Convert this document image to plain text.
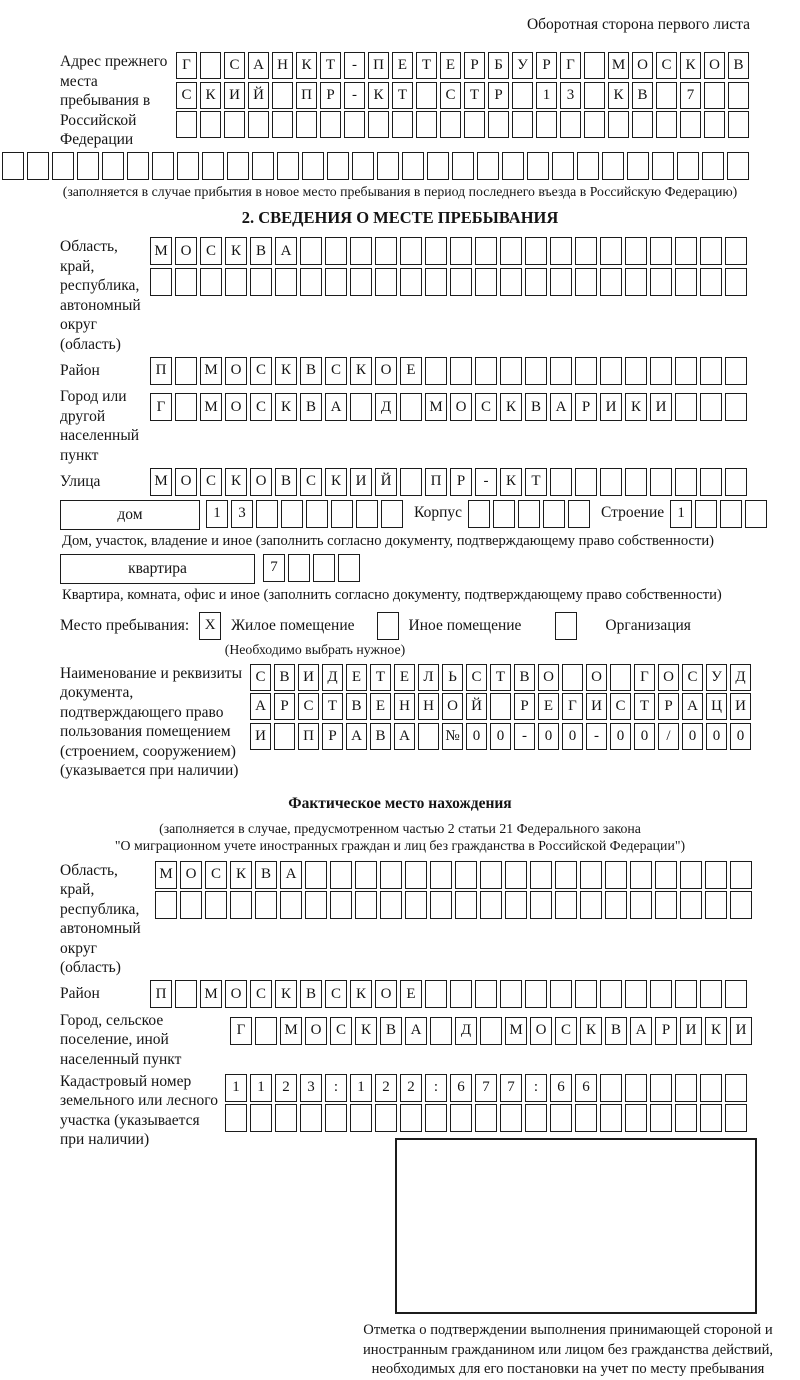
Оборотная сторона первого листа
Адрес прежнего места пребывания в Российской Федерации
Г	С А Н К Т	-	П Е Т Е	Р	Б У Р	Г	М О С К О В
С К И Й	П Р	-	К Т	С Т	Р	1	3	К В	7
(заполняется в случае прибытия в новое место пребывания в период последнего въезда в Российскую Федерацию)
2. СВЕДЕНИЯ О МЕСТЕ ПРЕБЫВАНИЯ
Область, край, республика, автономный округ (область)
М О С К В А
Район	П	М О С К В С К О Е
Город или другой населенный пункт
Г	М О С К В А	Д	М О С К В А	Р	И К И
Улица	М О С К О В С К И Й	П	Р	-	К	Т
дом	1	3	Корпус	Строение 1
Дом, участок, владение и иное (заполнить согласно документу, подтверждающему право собственности)
квартира	7
Квартира, комната, офис и иное (заполнить согласно документу, подтверждающему право собственности)
Место пребывания:	X	Жилое помещение	Иное помещение	Организация
(Необходимо выбрать нужное)
Наименование и реквизиты документа, подтверждающего право пользования помещением (строением, сооружением) (указывается при наличии)
С В И Д Е Т Е Л Ь С Т В О	О	Г О С У Д
А Р С Т В Е Н Н О Й	Р	Е	Г И С Т	Р А Ц И
И	П Р А В А	№ 0	0	-	0	0	-	0	0	/	0	0	0
Фактическое место нахождения
(заполняется в случае, предусмотренном частью 2 статьи 21 Федерального закона
"О миграционном учете иностранных граждан и лиц без гражданства в Российской Федерации")
Область, край, республика, автономный округ (область)
М О С К В А
Район	П	М О С К В С К О Е
Город, сельское поселение, иной населенный пункт
Г	М О С К В А	Д	М О С К В А	Р	И К И
Кадастровый номер земельного или лесного участка (указывается при наличии)
1	1	2	3	:	1	2	2	:	6	7	7	:	6	6
Отметка о подтверждении выполнения принимающей стороной и иностранным гражданином или лицом без гражданства действий, необходимых для его постановки на учет по месту пребывания
